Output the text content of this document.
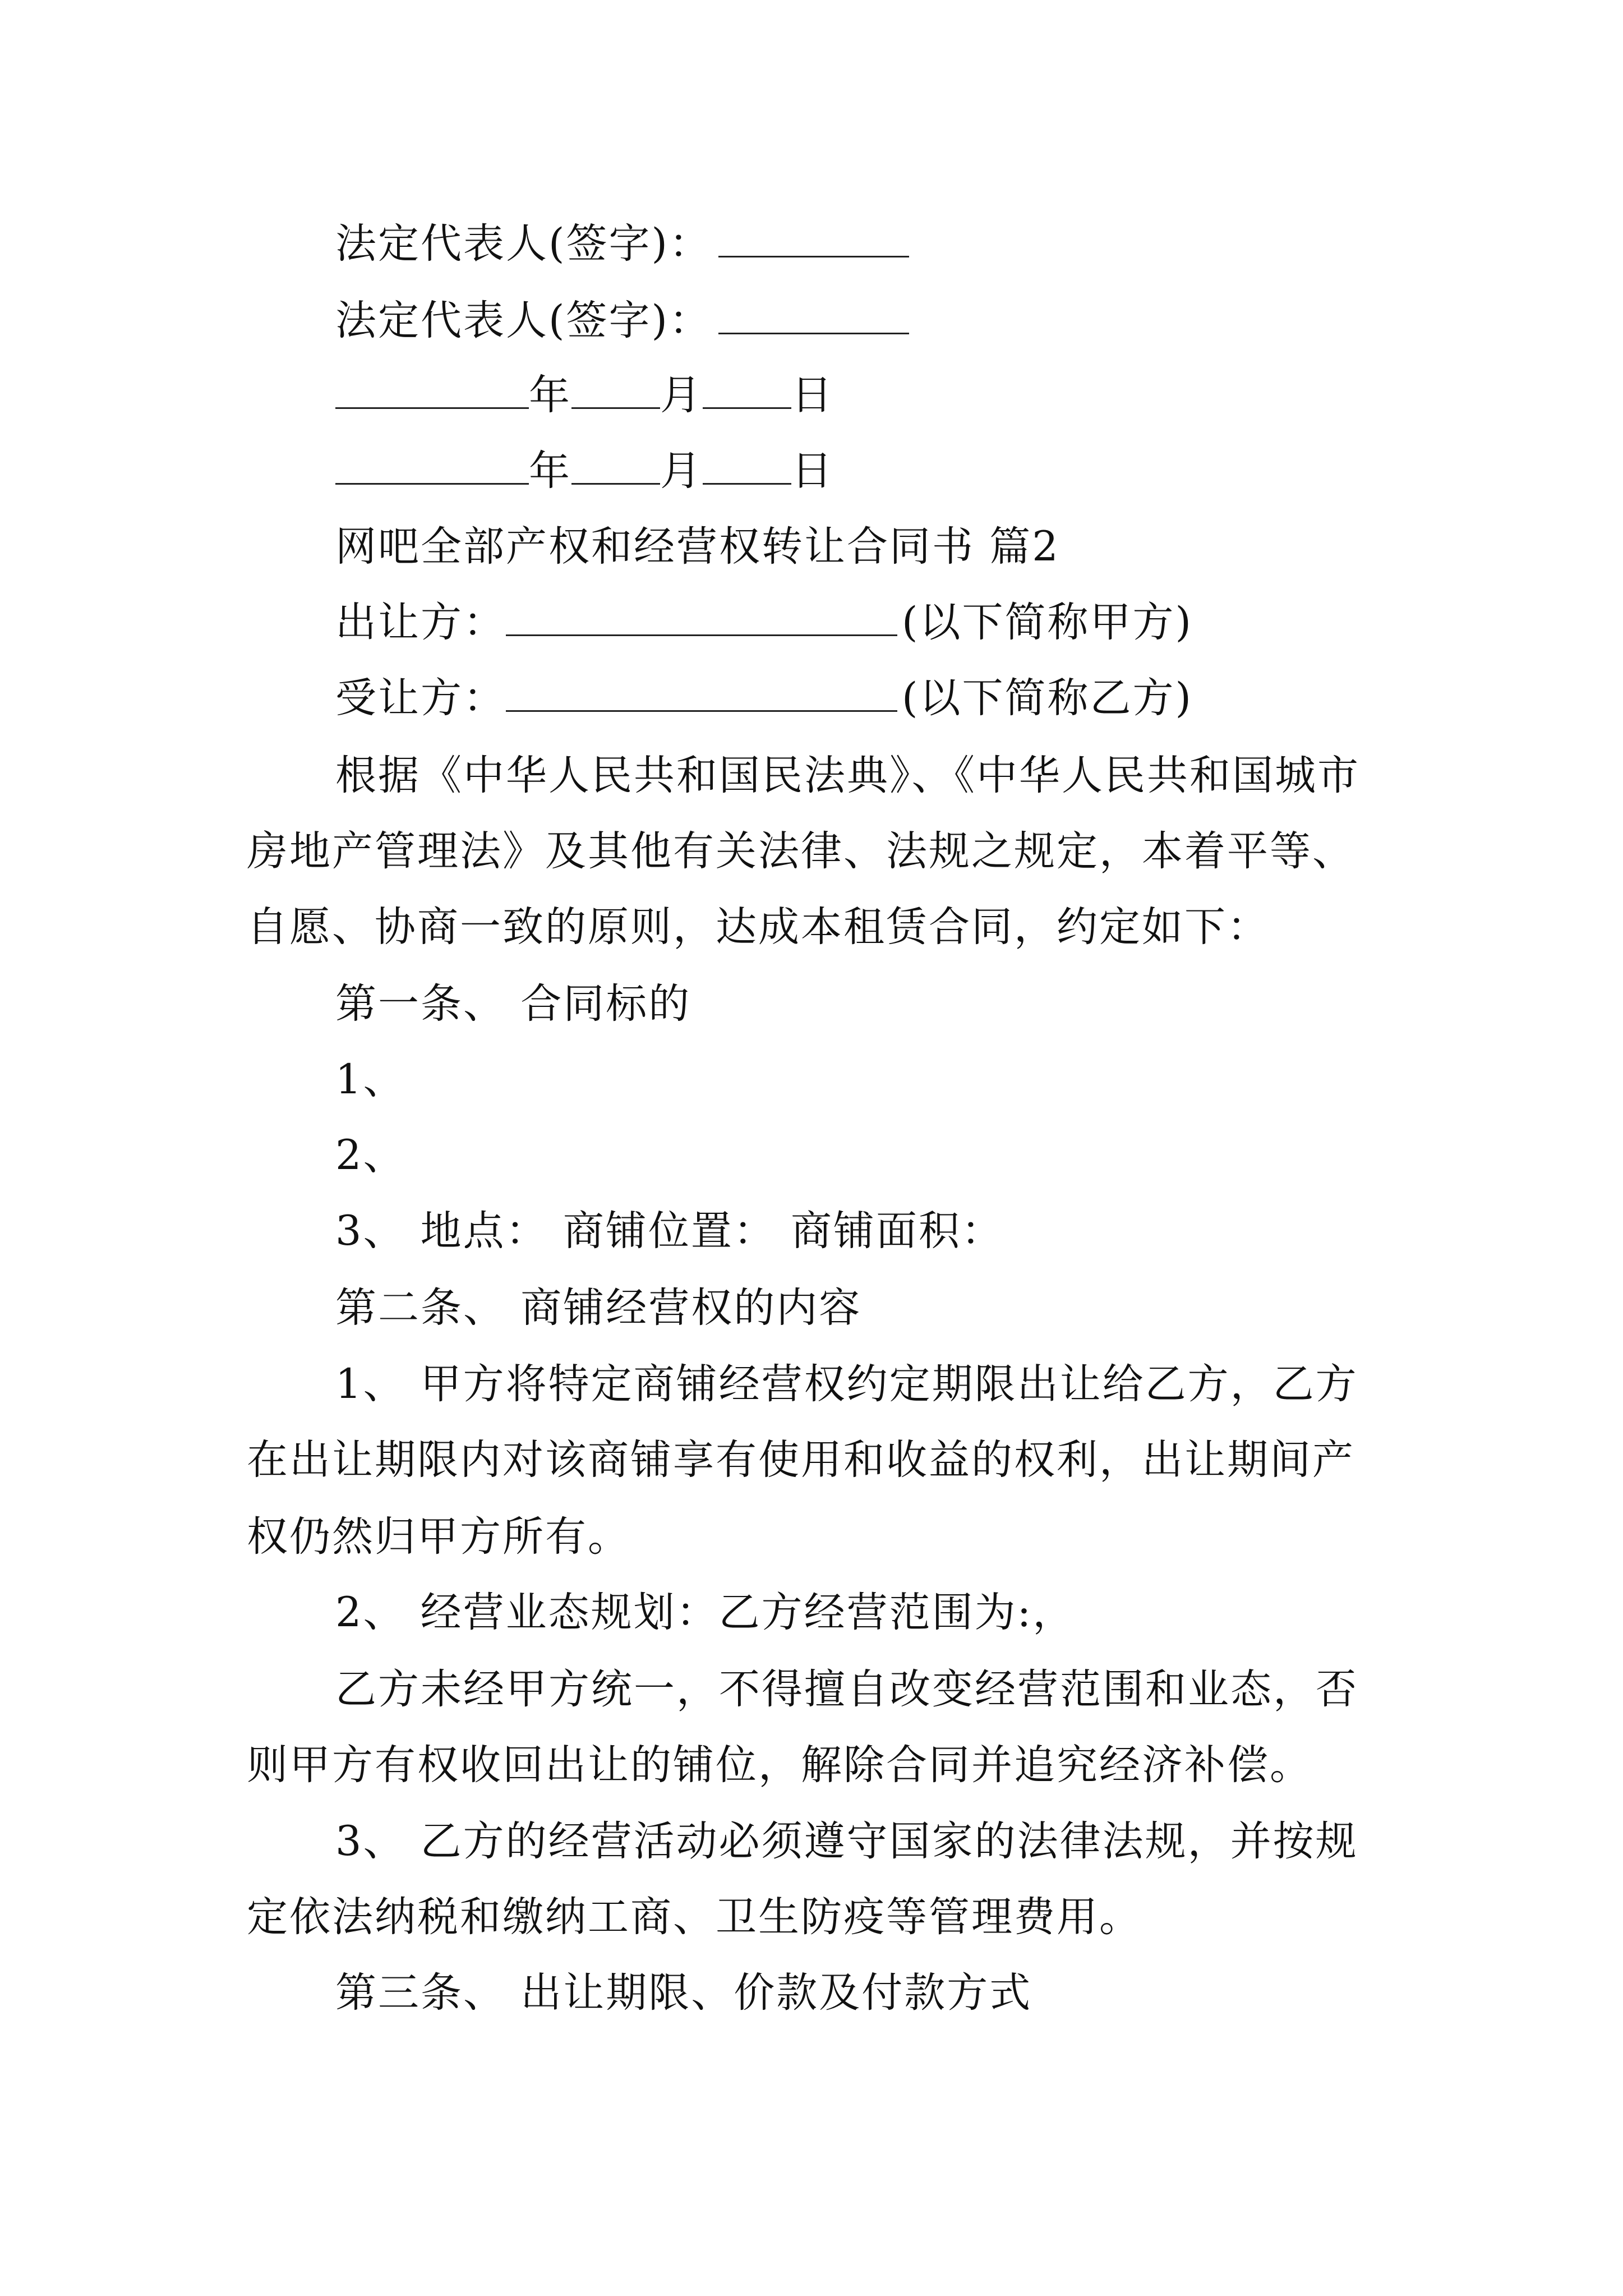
法定代表人(签字)：
法定代表人(签字)：
年 月 日
年 月 日
网吧全部产权和经营权转让合同书 篇2
出让方：	(以下简称甲方)
受让方：	(以下简称乙方)
根据《中华人民共和国民法典》、《中华人民共和国城市
房地产管理法》及其他有关法律、法规之规定，本着平等、
自愿、协商一致的原则，达成本租赁合同，约定如下：
第一条、 合同标的
1、
2、
3、 地点： 商铺位置： 商铺面积：
第二条、 商铺经营权的内容
1、 甲方将特定商铺经营权约定期限出让给乙方，乙方
在出让期限内对该商铺享有使用和收益的权利，出让期间产
权仍然归甲方所有。
2、 经营业态规划：乙方经营范围为:，
乙方未经甲方统一，不得擅自改变经营范围和业态，否
则甲方有权收回出让的铺位，解除合同并追究经济补偿。
3、 乙方的经营活动必须遵守国家的法律法规，并按规
定依法纳税和缴纳工商、卫生防疫等管理费用。
第三条、 出让期限、价款及付款方式
